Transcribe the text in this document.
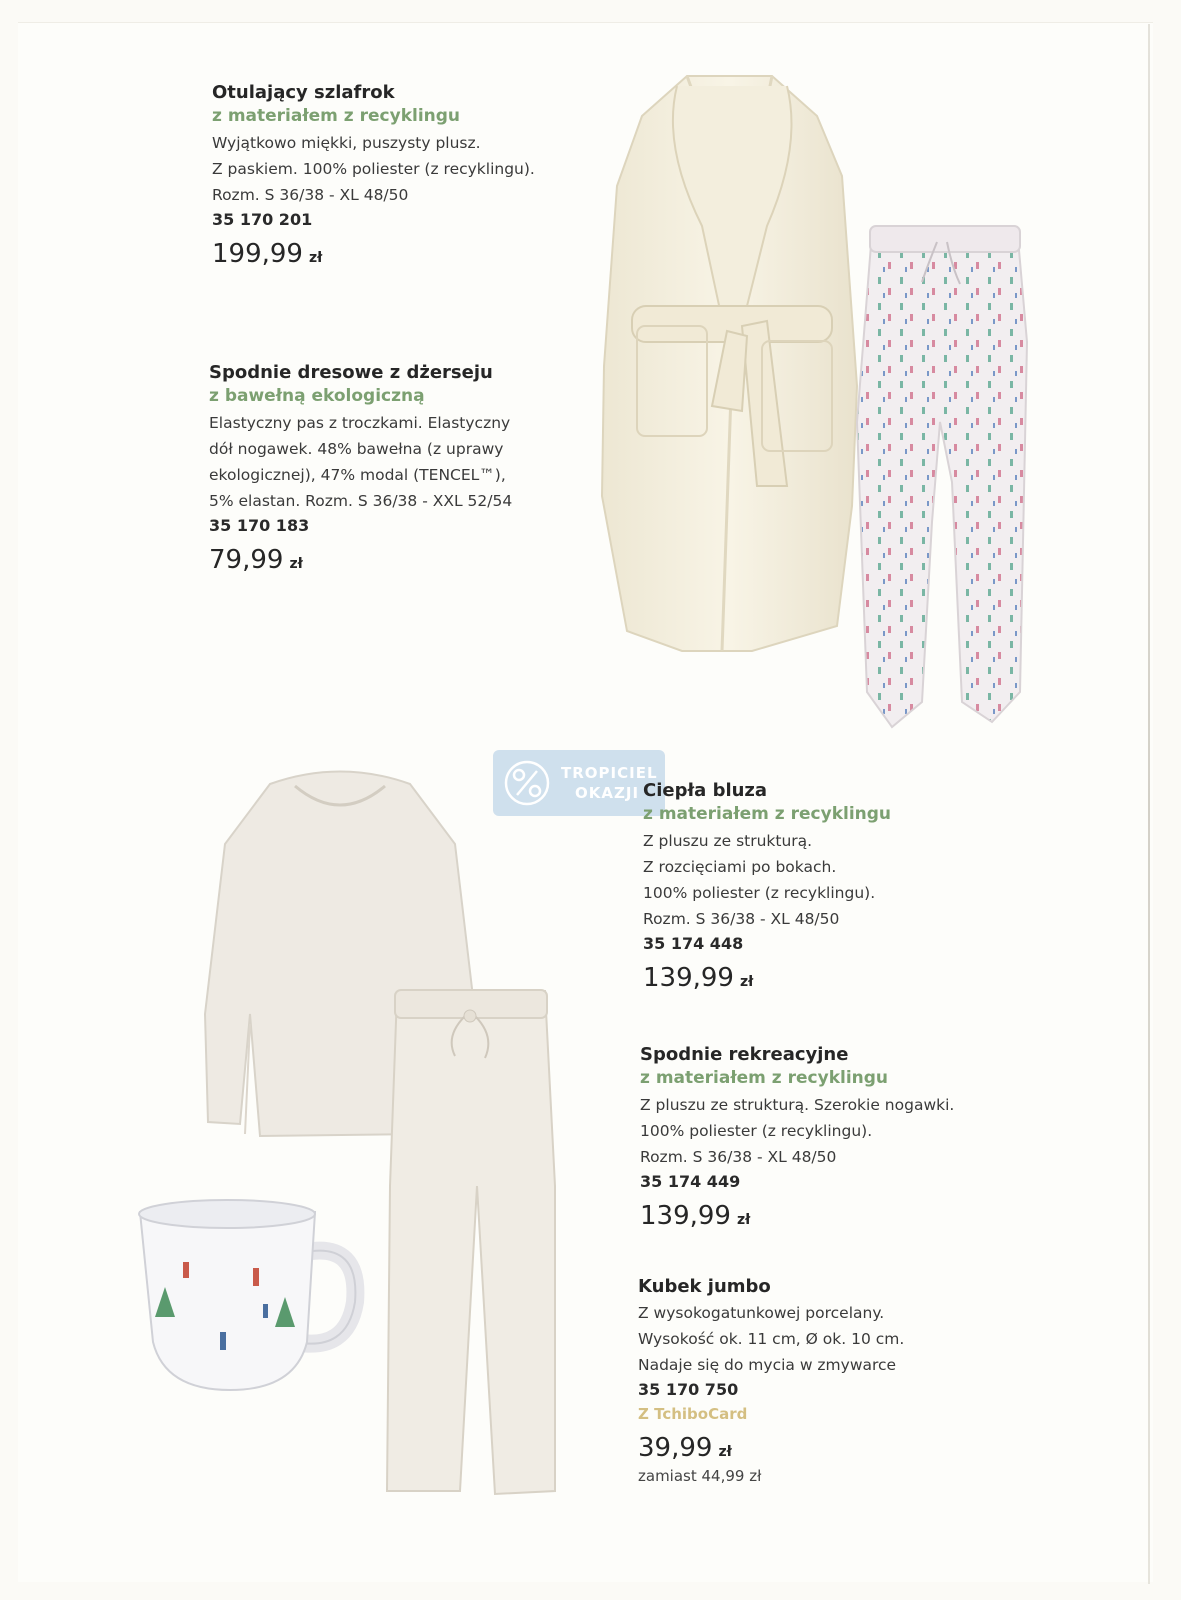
Otulający szlafrok
z materiałem z recyklingu
Wyjątkowo miękki, puszysty plusz.
Z paskiem. 100% poliester (z recyklingu).
Rozm. S 36/38 - XL 48/50
35 170 201
199,99 zł
Spodnie dresowe z dżerseju
z bawełną ekologiczną
Elastyczny pas z troczkami. Elastyczny
dół nogawek. 48% bawełna (z uprawy
ekologicznej), 47% modal (TENCEL™),
5% elastan. Rozm. S 36/38 - XXL 52/54
35 170 183
79,99 zł
TROPICIEL
OKAZJI Ciepła bluza
z materiałem z recyklingu
Z pluszu ze strukturą.
Z rozcięciami po bokach.
100% poliester (z recyklingu).
Rozm. S 36/38 - XL 48/50
35 174 448
139,99 zł
Spodnie rekreacyjne
z materiałem z recyklingu
Z pluszu ze strukturą. Szerokie nogawki.
100% poliester (z recyklingu).
Rozm. S 36/38 - XL 48/50
35 174 449
139,99 zł
Kubek jumbo
Z wysokogatunkowej porcelany.
Wysokość ok. 11 cm, Ø ok. 10 cm.
Nadaje się do mycia w zmywarce
35 170 750
Z TchiboCard
39,99 zł
zamiast 44,99 zł
